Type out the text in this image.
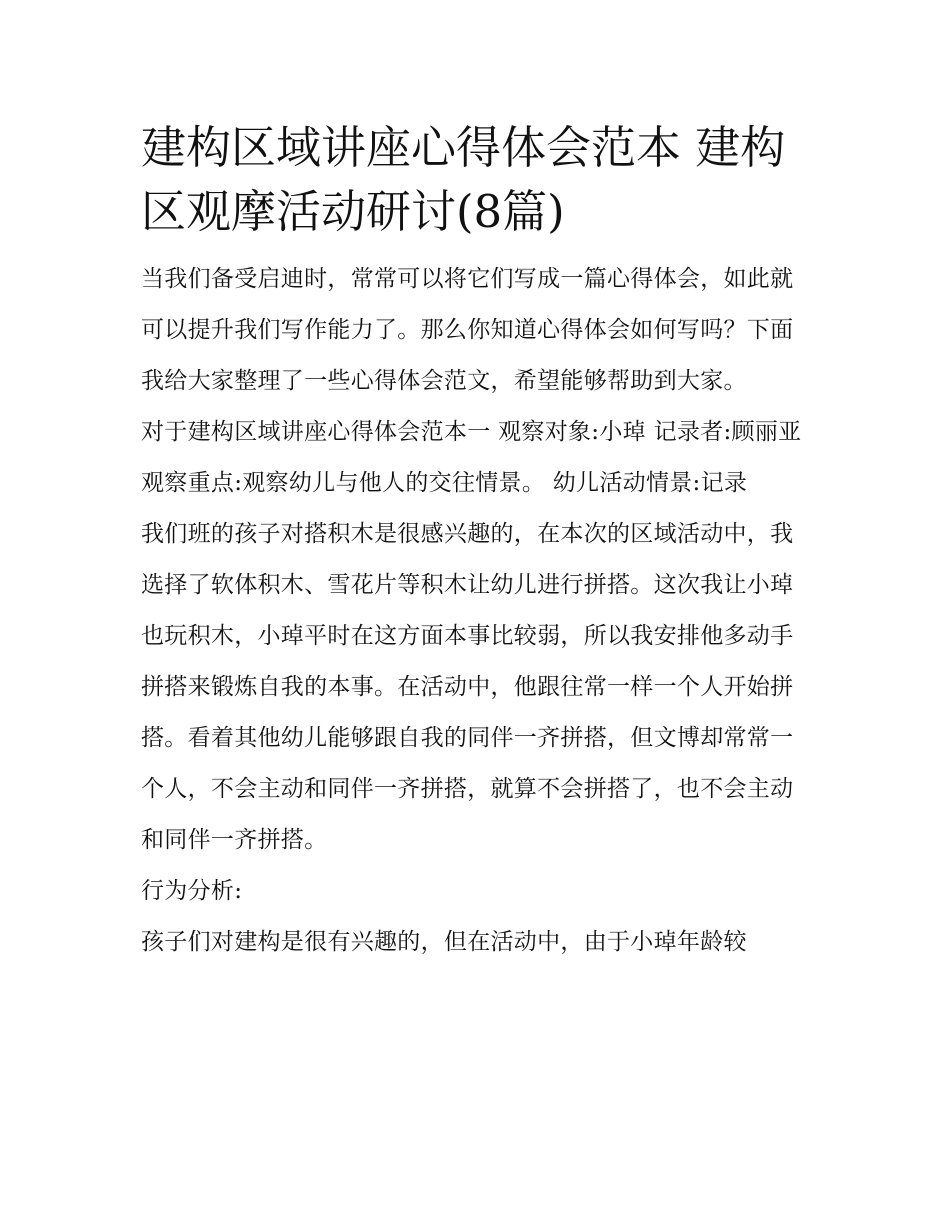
建构区域讲座心得体会范本 建构区观摩活动研讨(8篇)

当我们备受启迪时，常常可以将它们写成一篇心得体会，如此就可以提升我们写作能力了。那么你知道心得体会如何写吗？下面我给大家整理了一些心得体会范文，希望能够帮助到大家。

对于建构区域讲座心得体会范本一 观察对象:小琸 记录者:顾丽亚 观察重点:观察幼儿与他人的交往情景。 幼儿活动情景:记录

我们班的孩子对搭积木是很感兴趣的，在本次的区域活动中，我选择了软体积木、雪花片等积木让幼儿进行拼搭。这次我让小琸也玩积木，小琸平时在这方面本事比较弱，所以我安排他多动手拼搭来锻炼自我的本事。在活动中，他跟往常一样一个人开始拼搭。看着其他幼儿能够跟自我的同伴一齐拼搭，但文博却常常一个人，不会主动和同伴一齐拼搭，就算不会拼搭了，也不会主动和同伴一齐拼搭。

行为分析:

孩子们对建构是很有兴趣的，但在活动中，由于小琸年龄较
